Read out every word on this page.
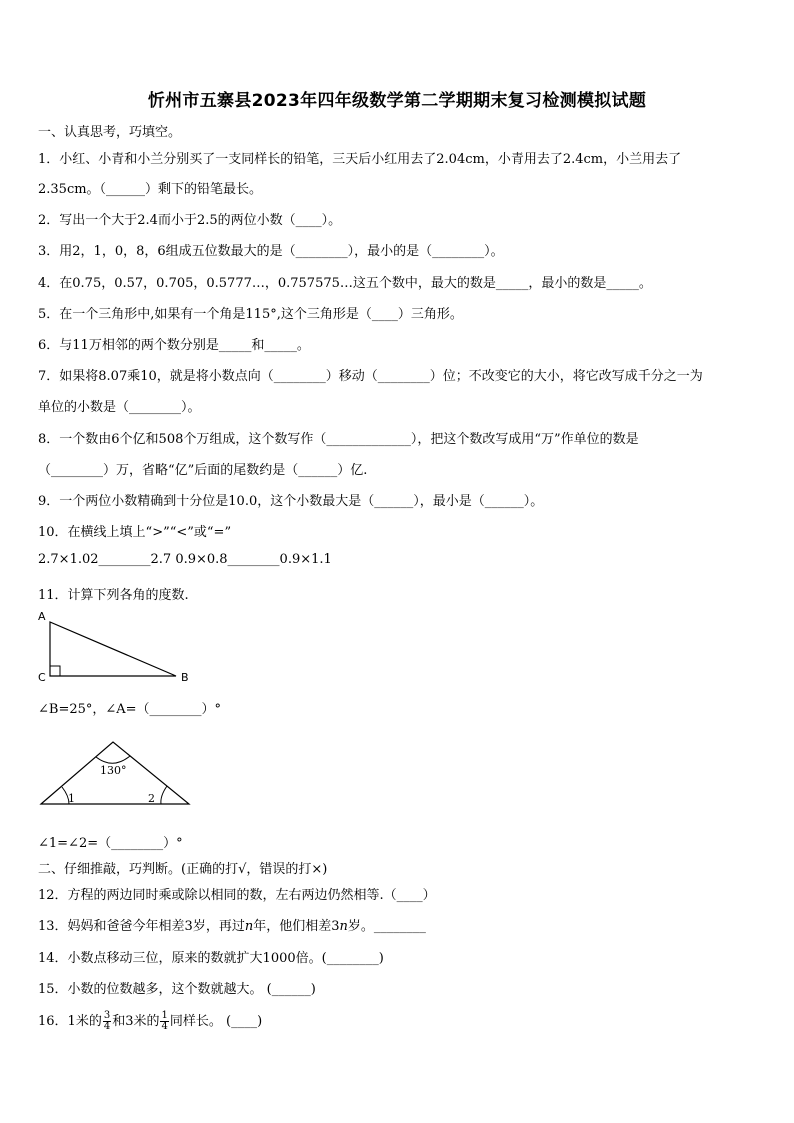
忻州市五寨县2023年四年级数学第二学期期末复习检测模拟试题
一、认真思考，巧填空。
1．小红、小青和小兰分别买了一支同样长的铅笔，三天后小红用去了2.04cm，小青用去了2.4cm，小兰用去了
2.35cm。（______）剩下的铅笔最长。
2．写出一个大于2.4而小于2.5的两位小数（____）。
3．用2，1，0，8，6组成五位数最大的是（________），最小的是（________）。
4．在0.75，0.57，0.705，0.5777…，0.757575…这五个数中，最大的数是_____，最小的数是_____。
5．在一个三角形中,如果有一个角是115°,这个三角形是（____）三角形。
6．与11万相邻的两个数分别是_____和_____。
7．如果将8.07乘10，就是将小数点向（________）移动（________）位；不改变它的大小，将它改写成千分之一为
单位的小数是（________）。
8．一个数由6个亿和508个万组成，这个数写作（_____________），把这个数改写成用“万”作单位的数是
（________）万，省略“亿”后面的尾数约是（______）亿.
9．一个两位小数精确到十分位是10.0，这个小数最大是（______），最小是（______）。
10．在横线上填上“>”“<”或“=”
2.7×1.02________2.7 0.9×0.8________0.9×1.1
11．计算下列各角的度数.
A
C	B
∠B=25°，∠A=（________）°
130°
1	2
∠1=∠2=（________）°
二、仔细推敲，巧判断。(正确的打√，错误的打×)
12．方程的两边同时乘或除以相同的数，左右两边仍然相等.（____）
13．妈妈和爸爸今年相差3岁，再过n年，他们相差3n岁。________
14．小数点移动三位，原来的数就扩大1000倍。(________)
15．小数的位数越多，这个数就越大。 (______)
16．1米的 $\frac{3}{4}$ 和3米的 $\frac{1}{4}$ 同样长。 (____)
